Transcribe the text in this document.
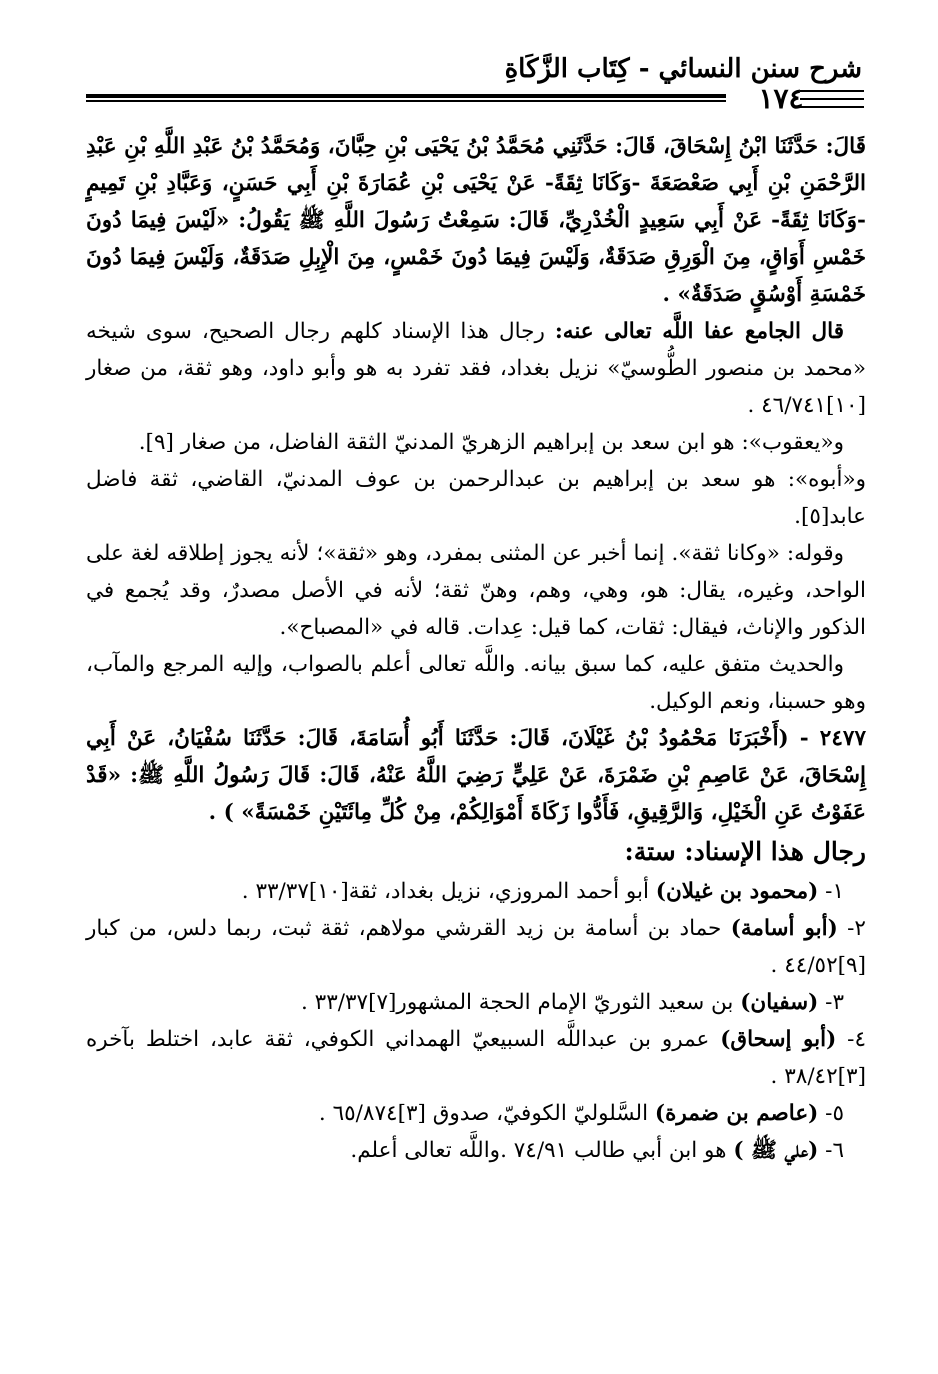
شرح سنن النسائي - كِتَاب الزَّكَاةِ
١٧٤

قَالَ: حَدَّثَنَا ابْنُ إِسْحَاقَ، قَالَ: حَدَّثَنِي مُحَمَّدُ بْنُ يَحْيَى بْنِ حِبَّانَ، وَمُحَمَّدُ بْنُ عَبْدِ اللَّهِ بْنِ عَبْدِ الرَّحْمَنِ بْنِ أَبِي صَعْصَعَةَ -وَكَانَا ثِقَةً- عَنْ يَحْيَى بْنِ عُمَارَةَ بْنِ أَبِي حَسَنٍ، وَعَبَّادِ بْنِ تَمِيمٍ -وَكَانَا ثِقَةً- عَنْ أَبِي سَعِيدٍ الْخُدْرِيِّ، قَالَ: سَمِعْتُ رَسُولَ اللَّهِ ﷺ يَقُولُ: «لَيْسَ فِيمَا دُونَ خَمْسِ أَوَاقٍ، مِنَ الْوَرِقِ صَدَقَةٌ، وَلَيْسَ فِيمَا دُونَ خَمْسٍ، مِنَ الْإِبِلِ صَدَقَةٌ، وَلَيْسَ فِيمَا دُونَ خَمْسَةِ أَوْسُقٍ صَدَقَةٌ» .

قال الجامع عفا اللَّه تعالى عنه: رجال هذا الإسناد كلهم رجال الصحيح، سوى شيخه «محمد بن منصور الطُّوسيّ» نزيل بغداد، فقد تفرد به هو وأبو داود، وهو ثقة، من صغار [١٠]٤٦/٧٤١ .

و«يعقوب»: هو ابن سعد بن إبراهيم الزهريّ المدنيّ الثقة الفاضل، من صغار [٩].

و«أبوه»: هو سعد بن إبراهيم بن عبدالرحمن بن عوف المدنيّ، القاضي، ثقة فاضل عابد[٥].

وقوله: «وكانا ثقة». إنما أخبر عن المثنى بمفرد، وهو «ثقة»؛ لأنه يجوز إطلاقه لغة على الواحد، وغيره، يقال: هو، وهي، وهم، وهنّ ثقة؛ لأنه في الأصل مصدرٌ، وقد يُجمع في الذكور والإناث، فيقال: ثقات، كما قيل: عِدات. قاله في «المصباح».

والحديث متفق عليه، كما سبق بيانه. واللَّه تعالى أعلم بالصواب، وإليه المرجع والمآب، وهو حسبنا، ونعم الوكيل.

٢٤٧٧ - (أَخْبَرَنَا مَحْمُودُ بْنُ غَيْلَانَ، قَالَ: حَدَّثَنَا أَبُو أُسَامَةَ، قَالَ: حَدَّثَنَا سُفْيَانُ، عَنْ أَبِي إِسْحَاقَ، عَنْ عَاصِمِ بْنِ ضَمْرَةَ، عَنْ عَلِيٍّ رَضِيَ اللَّهُ عَنْهُ، قَالَ: قَالَ رَسُولُ اللَّهِ ﷺ: «قَدْ عَفَوْتُ عَنِ الْخَيْلِ، وَالرَّقِيقِ، فَأَدُّوا زَكَاةَ أَمْوَالِكُمْ، مِنْ كُلِّ مِائَتَيْنِ خَمْسَةً» ) .

رجال هذا الإسناد: ستة:

١- (محمود بن غيلان) أبو أحمد المروزي، نزيل بغداد، ثقة[١٠]٣٣/٣٧ .

٢- (أبو أسامة) حماد بن أسامة بن زيد القرشي مولاهم، ثقة ثبت، ربما دلس، من كبار [٩]٤٤/٥٢ .

٣- (سفيان) بن سعيد الثوريّ الإمام الحجة المشهور[٧]٣٣/٣٧ .

٤- (أبو إسحاق) عمرو بن عبداللَّه السبيعيّ الهمداني الكوفي، ثقة عابد، اختلط بآخره [٣]٣٨/٤٢ .

٥- (عاصم بن ضمرة) السَّلوليّ الكوفيّ، صدوق [٣]٦٥/٨٧٤ .

٦- (علي ﷺ ) هو ابن أبي طالب ٧٤/٩١ .واللَّه تعالى أعلم.
